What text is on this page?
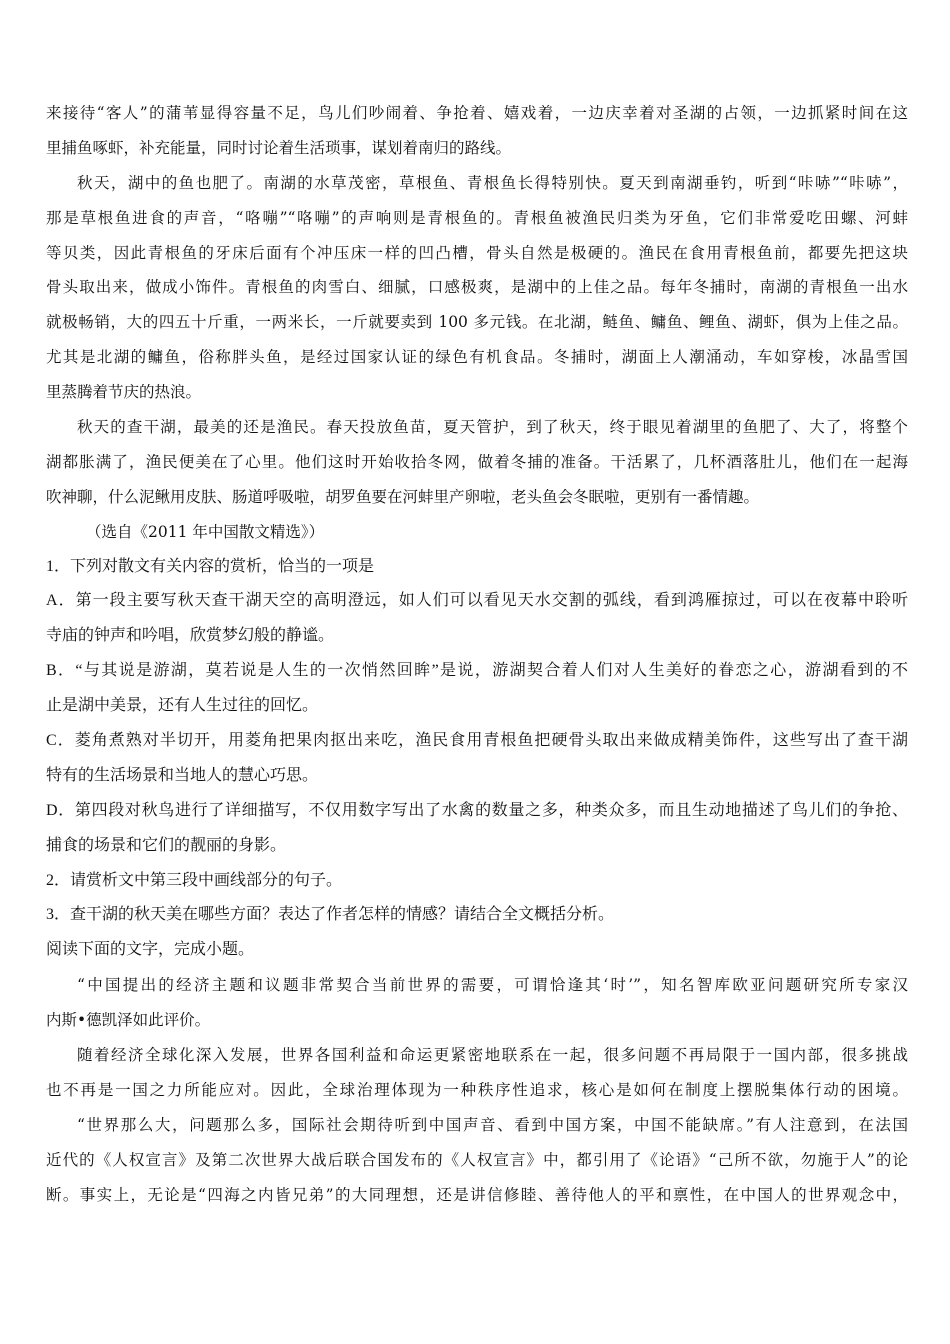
来接待“客人”的蒲苇显得容量不足，鸟儿们吵闹着、争抢着、嬉戏着，一边庆幸着对圣湖的占领，一边抓紧时间在这
里捕鱼啄虾，补充能量，同时讨论着生活琐事，谋划着南归的路线。
秋天，湖中的鱼也肥了。南湖的水草茂密，草根鱼、青根鱼长得特别快。夏天到南湖垂钓，听到“咔哧”“咔哧”，
那是草根鱼进食的声音，“咯嘣”“咯嘣”的声响则是青根鱼的。青根鱼被渔民归类为牙鱼，它们非常爱吃田螺、河蚌
等贝类，因此青根鱼的牙床后面有个冲压床一样的凹凸槽，骨头自然是极硬的。渔民在食用青根鱼前，都要先把这块
骨头取出来，做成小饰件。青根鱼的肉雪白、细腻，口感极爽，是湖中的上佳之品。每年冬捕时，南湖的青根鱼一出水
就极畅销，大的四五十斤重，一两米长，一斤就要卖到 100 多元钱。在北湖，鲢鱼、鳙鱼、鲤鱼、湖虾，俱为上佳之品。
尤其是北湖的鳙鱼，俗称胖头鱼，是经过国家认证的绿色有机食品。冬捕时，湖面上人潮涌动，车如穿梭，冰晶雪国
里蒸腾着节庆的热浪。
秋天的查干湖，最美的还是渔民。春天投放鱼苗，夏天管护，到了秋天，终于眼见着湖里的鱼肥了、大了，将整个
湖都胀满了，渔民便美在了心里。他们这时开始收拾冬网，做着冬捕的准备。干活累了，几杯酒落肚儿，他们在一起海
吹神聊，什么泥鳅用皮肤、肠道呼吸啦，胡罗鱼要在河蚌里产卵啦，老头鱼会冬眠啦，更别有一番情趣。
（选自《2011 年中国散文精选》）
1．下列对散文有关内容的赏析，恰当的一项是
A．第一段主要写秋天查干湖天空的高明澄远，如人们可以看见天水交割的弧线，看到鸿雁掠过，可以在夜幕中聆听
寺庙的钟声和吟唱，欣赏梦幻般的静谧。
B．“与其说是游湖，莫若说是人生的一次悄然回眸”是说，游湖契合着人们对人生美好的眷恋之心，游湖看到的不
止是湖中美景，还有人生过往的回忆。
C．菱角煮熟对半切开，用菱角把果肉抠出来吃，渔民食用青根鱼把硬骨头取出来做成精美饰件，这些写出了查干湖
特有的生活场景和当地人的慧心巧思。
D．第四段对秋鸟进行了详细描写，不仅用数字写出了水禽的数量之多，种类众多，而且生动地描述了鸟儿们的争抢、
捕食的场景和它们的靓丽的身影。
2．请赏析文中第三段中画线部分的句子。
3．查干湖的秋天美在哪些方面？表达了作者怎样的情感？请结合全文概括分析。
阅读下面的文字，完成小题。
“中国提出的经济主题和议题非常契合当前世界的需要，可谓恰逢其‘时’”，知名智库欧亚问题研究所专家汉
内斯•德凯泽如此评价。
随着经济全球化深入发展，世界各国利益和命运更紧密地联系在一起，很多问题不再局限于一国内部，很多挑战
也不再是一国之力所能应对。因此，全球治理体现为一种秩序性追求，核心是如何在制度上摆脱集体行动的困境。
“世界那么大，问题那么多，国际社会期待听到中国声音、看到中国方案，中国不能缺席。”有人注意到，在法国
近代的《人权宣言》及第二次世界大战后联合国发布的《人权宣言》中，都引用了《论语》“己所不欲，勿施于人”的论
断。事实上，无论是“四海之内皆兄弟”的大同理想，还是讲信修睦、善待他人的平和禀性，在中国人的世界观念中，
